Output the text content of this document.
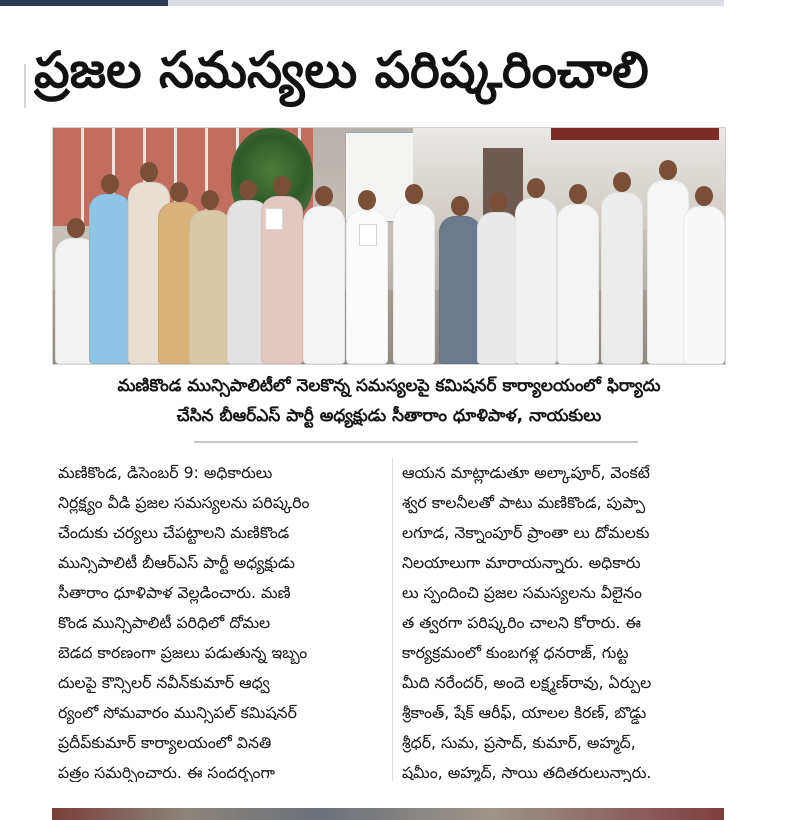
ప్రజల సమస్యలు పరిష్కరించాలి
మణికొండ మున్సిపాలిటీలో నెలకొన్న సమస్యలపై కమిషనర్ కార్యాలయంలో ఫిర్యాదు
చేసిన బీఆర్ఎస్ పార్టీ అధ్యక్షుడు సీతారాం ధూళిపాళ, నాయకులు
మణికొండ, డిసెంబర్ 9: అధికారులు
నిర్లక్ష్యం వీడి ప్రజల సమస్యలను పరిష్కరిం
చేందుకు చర్యలు చేపట్టాలని మణికొండ
మున్సిపాలిటీ బీఆర్ఎస్ పార్టీ అధ్యక్షుడు
సీతారాం ధూళిపాళ వెల్లడించారు. మణి
కొండ మున్సిపాలిటీ పరిధిలో దోమల
బెడద కారణంగా ప్రజలు పడుతున్న ఇబ్బం
దులపై కౌన్సిలర్ నవీన్‌కుమార్ ఆధ్వ
ర్యంలో సోమవారం మున్సిపల్ కమిషనర్
ప్రదీప్‌కుమార్ కార్యాలయంలో వినతి
పత్రం సమర్పించారు. ఈ సందర్భంగా
ఆయన మాట్లాడుతూ అల్కాపూర్, వెంకటే
శ్వర కాలనీలతో పాటు మణికొండ, పుప్పా
లగూడ, నెక్నాంపూర్ ప్రాంతా లు దోమలకు
నిలయాలుగా మారాయన్నారు. అధికారు
లు స్పందించి ప్రజల సమస్యలను వీలైనం
త త్వరగా పరిష్కరిం చాలని కోరారు. ఈ
కార్యక్రమంలో కుంబగళ్ల ధనరాజ్, గుట్ట
మీది నరేందర్, అందె లక్ష్మణ్‌రావు, ఏర్పుల
శ్రీకాంత్, షేక్ ఆరీఫ్, యాలల కిరణ్, బొడ్డు
శ్రీధర్, సుమ, ప్రసాద్, కుమార్, అహ్మద్,
షమీం, అహ్మద్, సాయి తదితరులున్నారు.
